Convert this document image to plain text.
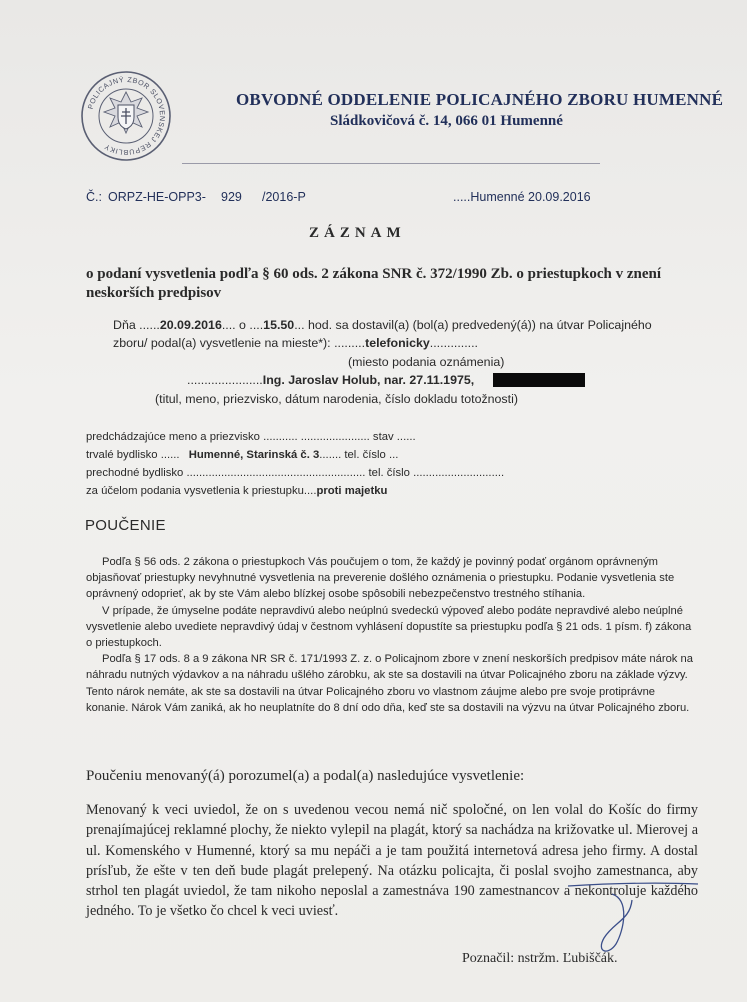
POLICAJNÝ ZBOR SLOVENSKEJ REPUBLIKY
OBVODNÉ ODDELENIE POLICAJNÉHO ZBORU HUMENNÉ
Sládkovičová č. 14, 066 01 Humenné
Č.: ORPZ-HE-OPP3- 929 /2016-P	.....Humenné 20.09.2016
ZÁZNAM
o podaní vysvetlenia podľa § 60 ods. 2 zákona SNR č. 372/1990 Zb. o priestupkoch v znení neskorších predpisov
Dňa ......20.09.2016.... o ....15.50... hod. sa dostavil(a) (bol(a) predvedený(á)) na útvar Policajného
zboru/ podal(a) vysvetlenie na mieste*): .........telefonicky..............
(miesto podania oznámenia)
......................Ing. Jaroslav Holub, nar. 27.11.1975,
(titul, meno, priezvisko, dátum narodenia, číslo dokladu totožnosti)
predchádzajúce meno a priezvisko ........... ...................... stav ......
trvalé bydlisko ...... Humenné, Starinská č. 3....... tel. číslo ...
prechodné bydlisko ......................................................... tel. číslo .............................
za účelom podania vysvetlenia k priestupku....proti majetku
POUČENIE

Podľa § 56 ods. 2 zákona o priestupkoch Vás poučujem o tom, že každý je povinný podať orgánom oprávneným objasňovať priestupky nevyhnutné vysvetlenia na preverenie došlého oznámenia o priestupku. Podanie vysvetlenia ste oprávnený odoprieť, ak by ste Vám alebo blízkej osobe spôsobili nebezpečenstvo trestného stíhania.

V prípade, že úmyselne podáte nepravdivú alebo neúplnú svedeckú výpoveď alebo podáte nepravdivé alebo neúplné vysvetlenie alebo uvediete nepravdivý údaj v čestnom vyhlásení dopustíte sa priestupku podľa § 21 ods. 1 písm. f) zákona o priestupkoch.

Podľa § 17 ods. 8 a 9 zákona NR SR č. 171/1993 Z. z. o Policajnom zbore v znení neskorších predpisov máte nárok na náhradu nutných výdavkov a na náhradu ušlého zárobku, ak ste sa dostavili na útvar Policajného zboru na základe výzvy. Tento nárok nemáte, ak ste sa dostavili na útvar Policajného zboru vo vlastnom záujme alebo pre svoje protiprávne konanie. Nárok Vám zaniká, ak ho neuplatníte do 8 dní odo dňa, keď ste sa dostavili na výzvu na útvar Policajného zboru.

Poučeniu menovaný(á) porozumel(a) a podal(a) nasledujúce vysvetlenie:
Menovaný k veci uviedol, že on s uvedenou vecou nemá nič spoločné, on len volal do Košíc do firmy prenajímajúcej reklamné plochy, že niekto vylepil na plagát, ktorý sa nachádza na križovatke ul. Mierovej a ul. Komenského v Humenné, ktorý sa mu nepáči a je tam použitá internetová adresa jeho firmy. A dostal prísľub, že ešte v ten deň bude plagát prelepený. Na otázku policajta, či poslal svojho zamestnanca, aby strhol ten plagát uviedol, že tam nikoho neposlal a zamestnáva 190 zamestnancov a nekontroluje každého jedného. To je všetko čo chcel k veci uviesť.
Poznačil: nstržm. Ľubiščák.
